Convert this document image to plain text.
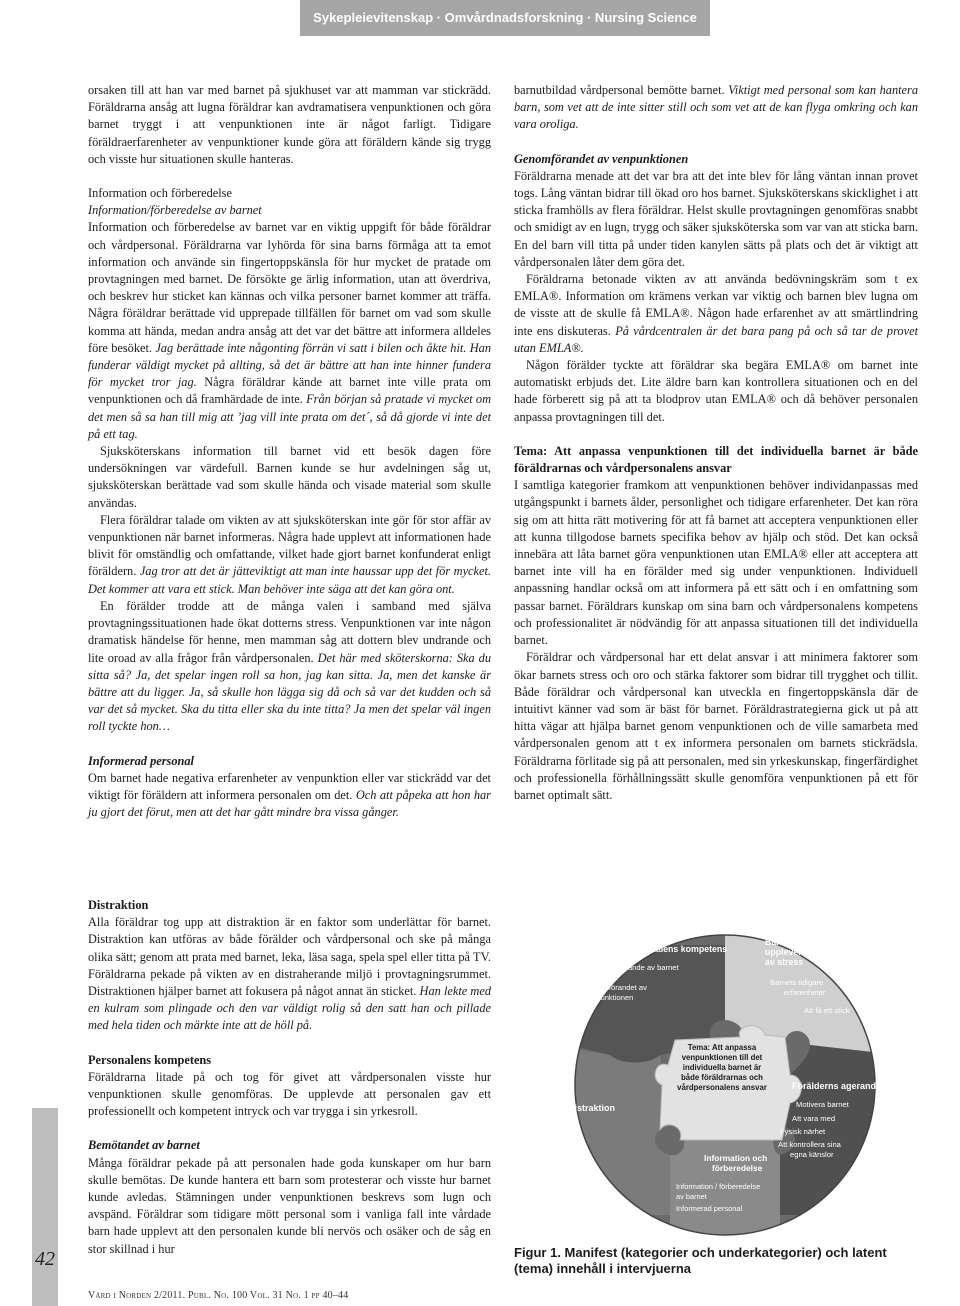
Sykepleievitenskap · Omvårdnadsforskning · Nursing Science

orsaken till att han var med barnet på sjukhuset var att mamman var stickrädd. Föräldrarna ansåg att lugna föräldrar kan avdramatisera venpunktionen och göra barnet tryggt i att venpunktionen inte är något farligt. Tidigare föräldraerfarenheter av venpunktioner kunde göra att föräldern kände sig trygg och visste hur situationen skulle hanteras.

Information och förberedelse

Information/förberedelse av barnet

Information och förberedelse av barnet var en viktig uppgift för både föräldrar och vårdpersonal. Föräldrarna var lyhörda för sina barns förmåga att ta emot information och använde sin fingertoppskänsla för hur mycket de pratade om provtagningen med barnet. De försökte ge ärlig information, utan att överdriva, och beskrev hur sticket kan kännas och vilka personer barnet kommer att träffa. Några föräldrar berättade vid upprepade tillfällen för barnet om vad som skulle komma att hända, medan andra ansåg att det var det bättre att informera alldeles före besöket. Jag berättade inte någonting förrän vi satt i bilen och åkte hit. Han funderar väldigt mycket på allting, så det är bättre att han inte hinner fundera för mycket tror jag. Några föräldrar kände att barnet inte ville prata om venpunktionen och då framhärdade de inte. Från början så pratade vi mycket om det men så sa han till mig att ’jag vill inte prata om det´, så då gjorde vi inte det på ett tag.

Sjuksköterskans information till barnet vid ett besök dagen före undersökningen var värdefull. Barnen kunde se hur avdelningen såg ut, sjuksköterskan berättade vad som skulle hända och visade material som skulle användas.

Flera föräldrar talade om vikten av att sjuksköterskan inte gör för stor affär av venpunktionen när barnet informeras. Några hade upplevt att informationen hade blivit för omständlig och omfattande, vilket hade gjort barnet konfunderat enligt föräldern. Jag tror att det är jätteviktigt att man inte haussar upp det för mycket. Det kommer att vara ett stick. Man behöver inte säga att det kan göra ont.

En förälder trodde att de många valen i samband med själva provtagningssituationen hade ökat dotterns stress. Venpunktionen var inte någon dramatisk händelse för henne, men mamman såg att dottern blev undrande och lite oroad av alla frågor från vårdpersonalen. Det här med sköterskorna: Ska du sitta så? Ja, det spelar ingen roll sa hon, jag kan sitta. Ja, men det kanske är bättre att du ligger. Ja, så skulle hon lägga sig då och så var det kudden och så var det så mycket. Ska du titta eller ska du inte titta? Ja men det spelar väl ingen roll tyckte hon…

Informerad personal

Om barnet hade negativa erfarenheter av venpunktion eller var stickrädd var det viktigt för föräldern att informera personalen om det. Och att påpeka att hon har ju gjort det förut, men att det har gått mindre bra vissa gånger.

barnutbildad vårdpersonal bemötte barnet. Viktigt med personal som kan hantera barn, som vet att de inte sitter still och som vet att de kan flyga omkring och kan vara oroliga.

Genomförandet av venpunktionen

Föräldrarna menade att det var bra att det inte blev för lång väntan innan provet togs. Lång väntan bidrar till ökad oro hos barnet. Sjuksköterskans skicklighet i att sticka framhölls av flera föräldrar. Helst skulle provtagningen genomföras snabbt och smidigt av en lugn, trygg och säker sjuksköterska som var van att sticka barn. En del barn vill titta på under tiden kanylen sätts på plats och det är viktigt att vårdpersonalen låter dem göra det.

Föräldrarna betonade vikten av att använda bedövningskräm som t ex EMLA®. Information om krämens verkan var viktig och barnen blev lugna om de visste att de skulle få EMLA®. Någon hade erfarenhet av att smärtlindring inte ens diskuteras. På vårdcentralen är det bara pang på och så tar de provet utan EMLA®.

Någon förälder tyckte att föräldrar ska begära EMLA® om barnet inte automatiskt erbjuds det. Lite äldre barn kan kontrollera situationen och en del hade förberett sig på att ta blodprov utan EMLA® och då behöver personalen anpassa provtagningen till det.

Tema: Att anpassa venpunktionen till det individuella barnet är både föräldrarnas och vårdpersonalens ansvar

I samtliga kategorier framkom att venpunktionen behöver individanpassas med utgångspunkt i barnets ålder, personlighet och tidigare erfarenheter. Det kan röra sig om att hitta rätt motivering för att få barnet att acceptera venpunktionen eller att kunna tillgodose barnets specifika behov av hjälp och stöd. Det kan också innebära att låta barnet göra venpunktionen utan EMLA® eller att acceptera att barnet inte vill ha en förälder med sig under venpunktionen. Individuell anpassning handlar också om att informera på ett sätt och i en omfattning som passar barnet. Föräldrars kunskap om sina barn och vårdpersonalens kompetens och professionalitet är nödvändig för att anpassa situationen till det individuella barnet.

Föräldrar och vårdpersonal har ett delat ansvar i att minimera faktorer som ökar barnets stress och oro och stärka faktorer som bidrar till trygghet och tillit. Både föräldrar och vårdpersonal kan utveckla en fingertoppskänsla där de intuitivt känner vad som är bäst för barnet. Föräldrastrategierna gick ut på att hitta vägar att hjälpa barnet genom venpunktionen och de ville samarbeta med vårdpersonalen genom att t ex informera personalen om barnets stickrädsla. Föräldrarna förlitade sig på att personalen, med sin yrkeskunskap, fingerfärdighet och professionella förhållningssätt skulle genomföra venpunktionen på ett för barnet optimalt sätt.

Distraktion

Alla föräldrar tog upp att distraktion är en faktor som underlättar för barnet. Distraktion kan utföras av både förälder och vårdpersonal och ske på många olika sätt; genom att prata med barnet, leka, läsa saga, spela spel eller titta på TV. Föräldrarna pekade på vikten av en distraherande miljö i provtagningsrummet. Distraktionen hjälper barnet att fokusera på något annat än sticket. Han lekte med en kulram som plingade och den var väldigt rolig så den satt han och pillade med hela tiden och märkte inte att de höll på.

Personalens kompetens

Föräldrarna litade på och tog för givet att vårdpersonalen visste hur venpunktionen skulle genomföras. De upplevde att personalen gav ett professionellt och kompetent intryck och var trygga i sin yrkesroll.

Bemötandet av barnet

Många föräldrar pekade på att personalen hade goda kunskaper om hur barn skulle bemötas. De kunde hantera ett barn som protesterar och visste hur barnet kunde avledas. Stämningen under venpunktionen beskrevs som lugn och avspänd. Föräldrar som tidigare mött personal som i vanliga fall inte vårdade barn hade upplevt att den personalen kunde bli nervös och osäker och de såg en stor skillnad i hur

Personalens kompetens
Bemötande av barnet
Genomförandet av
venpunktionen
Barnets
upplevelse
av stress
Barnets tidigare
erfarenheter
Att få ett stick
Tema: Att anpassa
venpunktionen till det
individuella barnet är
både föräldrarnas och
vårdpersonalens ansvar
Distraktion
Förälderns agerande
Motivera barnet
Att vara med
Fysisk närhet
Att kontrollera sina
egna känslor
Information och
förberedelse
Information / förberedelse
av barnet
Informerad personal
Figur 1. Manifest (kategorier och underkategorier) och latent (tema) innehåll i intervjuerna
42
Vård i Norden 2/2011. Publ. No. 100 Vol. 31 No. 1 pp 40–44
